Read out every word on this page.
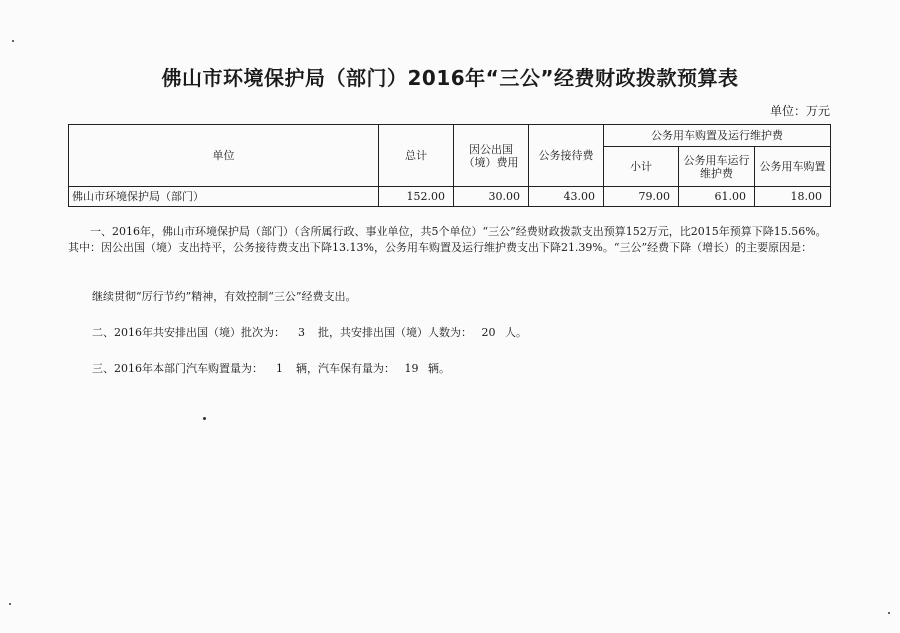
佛山市环境保护局（部门）2016年“三公”经费财政拨款预算表
单位：万元
单位	总计	因公出国（境）费用	公务接待费	公务用车购置及运行维护费		
				小计	公务用车运行维护费	公务用车购置
佛山市环境保护局（部门）	152.00	30.00	43.00	79.00	61.00	18.00
一、2016年，佛山市环境保护局（部门）（含所属行政、事业单位，共5个单位）“三公”经费财政拨款支出预算152万元，比2015年预算下降15.56%。其中：因公出国（境）支出持平，公务接待费支出下降13.13%，公务用车购置及运行维护费支出下降21.39%。“三公”经费下降（增长）的主要原因是：
继续贯彻“厉行节约”精神，有效控制“三公”经费支出。
二、2016年共安排出国（境）批次为： 3 批，共安排出国（境）人数为： 20 人。
三、2016年本部门汽车购置量为： 1 辆，汽车保有量为： 19 辆。
